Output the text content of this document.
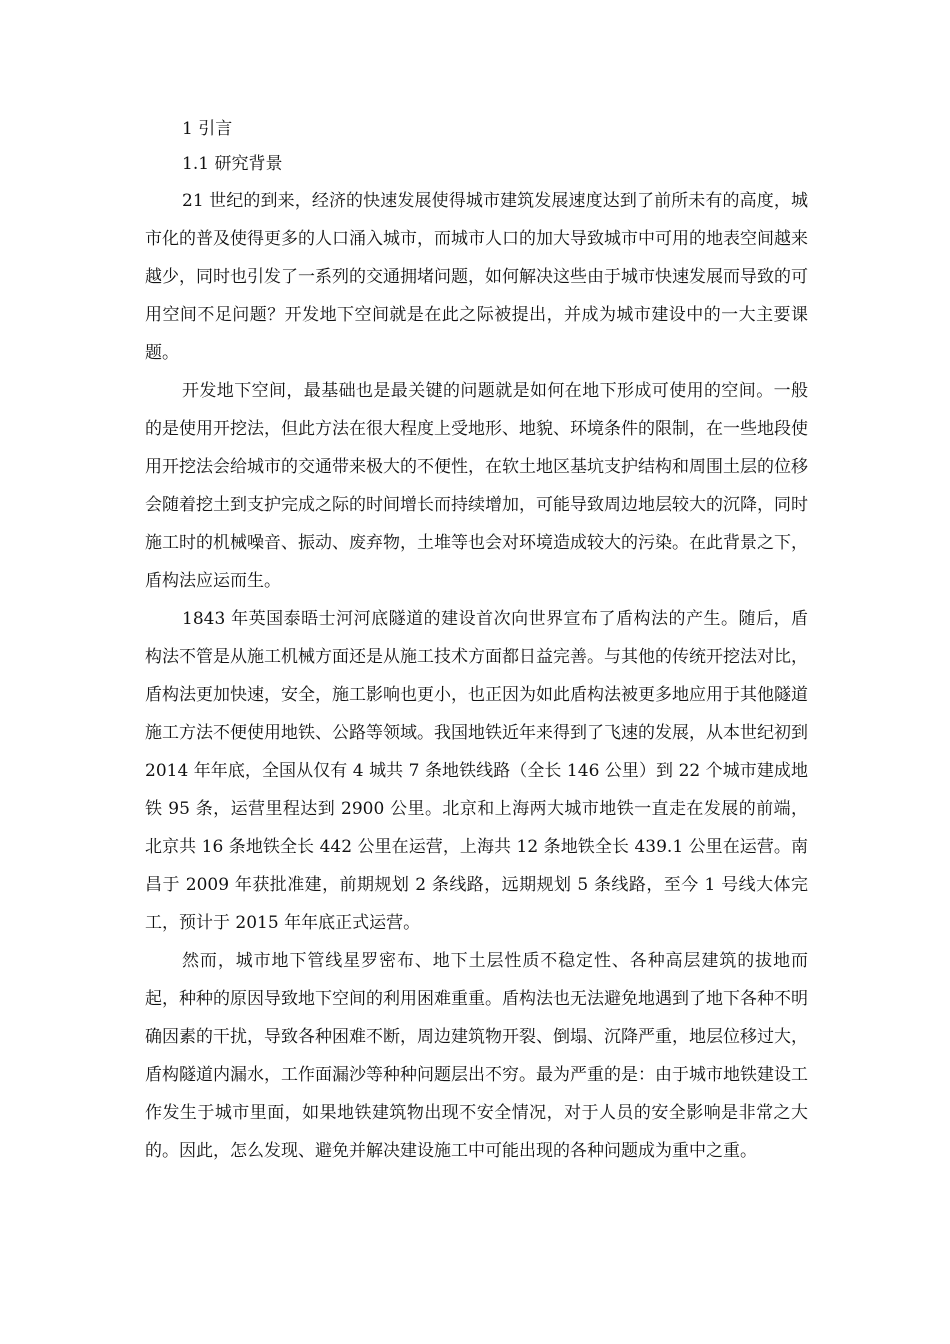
1 引言

1.1 研究背景

21 世纪的到来，经济的快速发展使得城市建筑发展速度达到了前所未有的高度，城市化的普及使得更多的人口涌入城市，而城市人口的加大导致城市中可用的地表空间越来越少，同时也引发了一系列的交通拥堵问题，如何解决这些由于城市快速发展而导致的可用空间不足问题？开发地下空间就是在此之际被提出，并成为城市建设中的一大主要课题。

开发地下空间，最基础也是最关键的问题就是如何在地下形成可使用的空间。一般的是使用开挖法，但此方法在很大程度上受地形、地貌、环境条件的限制，在一些地段使用开挖法会给城市的交通带来极大的不便性，在软土地区基坑支护结构和周围土层的位移会随着挖土到支护完成之际的时间增长而持续增加，可能导致周边地层较大的沉降，同时施工时的机械噪音、振动、废弃物，土堆等也会对环境造成较大的污染。在此背景之下，盾构法应运而生。

1843 年英国泰晤士河河底隧道的建设首次向世界宣布了盾构法的产生。随后，盾构法不管是从施工机械方面还是从施工技术方面都日益完善。与其他的传统开挖法对比，盾构法更加快速，安全，施工影响也更小，也正因为如此盾构法被更多地应用于其他隧道施工方法不便使用地铁、公路等领域。我国地铁近年来得到了飞速的发展，从本世纪初到 2014 年年底，全国从仅有 4 城共 7 条地铁线路（全长 146 公里）到 22 个城市建成地铁 95 条，运营里程达到 2900 公里。北京和上海两大城市地铁一直走在发展的前端，北京共 16 条地铁全长 442 公里在运营，上海共 12 条地铁全长 439.1 公里在运营。南昌于 2009 年获批准建，前期规划 2 条线路，远期规划 5 条线路，至今 1 号线大体完工，预计于 2015 年年底正式运营。

然而，城市地下管线星罗密布、地下土层性质不稳定性、各种高层建筑的拔地而起，种种的原因导致地下空间的利用困难重重。盾构法也无法避免地遇到了地下各种不明确因素的干扰，导致各种困难不断，周边建筑物开裂、倒塌、沉降严重，地层位移过大，盾构隧道内漏水，工作面漏沙等种种问题层出不穷。最为严重的是：由于城市地铁建设工作发生于城市里面，如果地铁建筑物出现不安全情况，对于人员的安全影响是非常之大的。因此，怎么发现、避免并解决建设施工中可能出现的各种问题成为重中之重。
